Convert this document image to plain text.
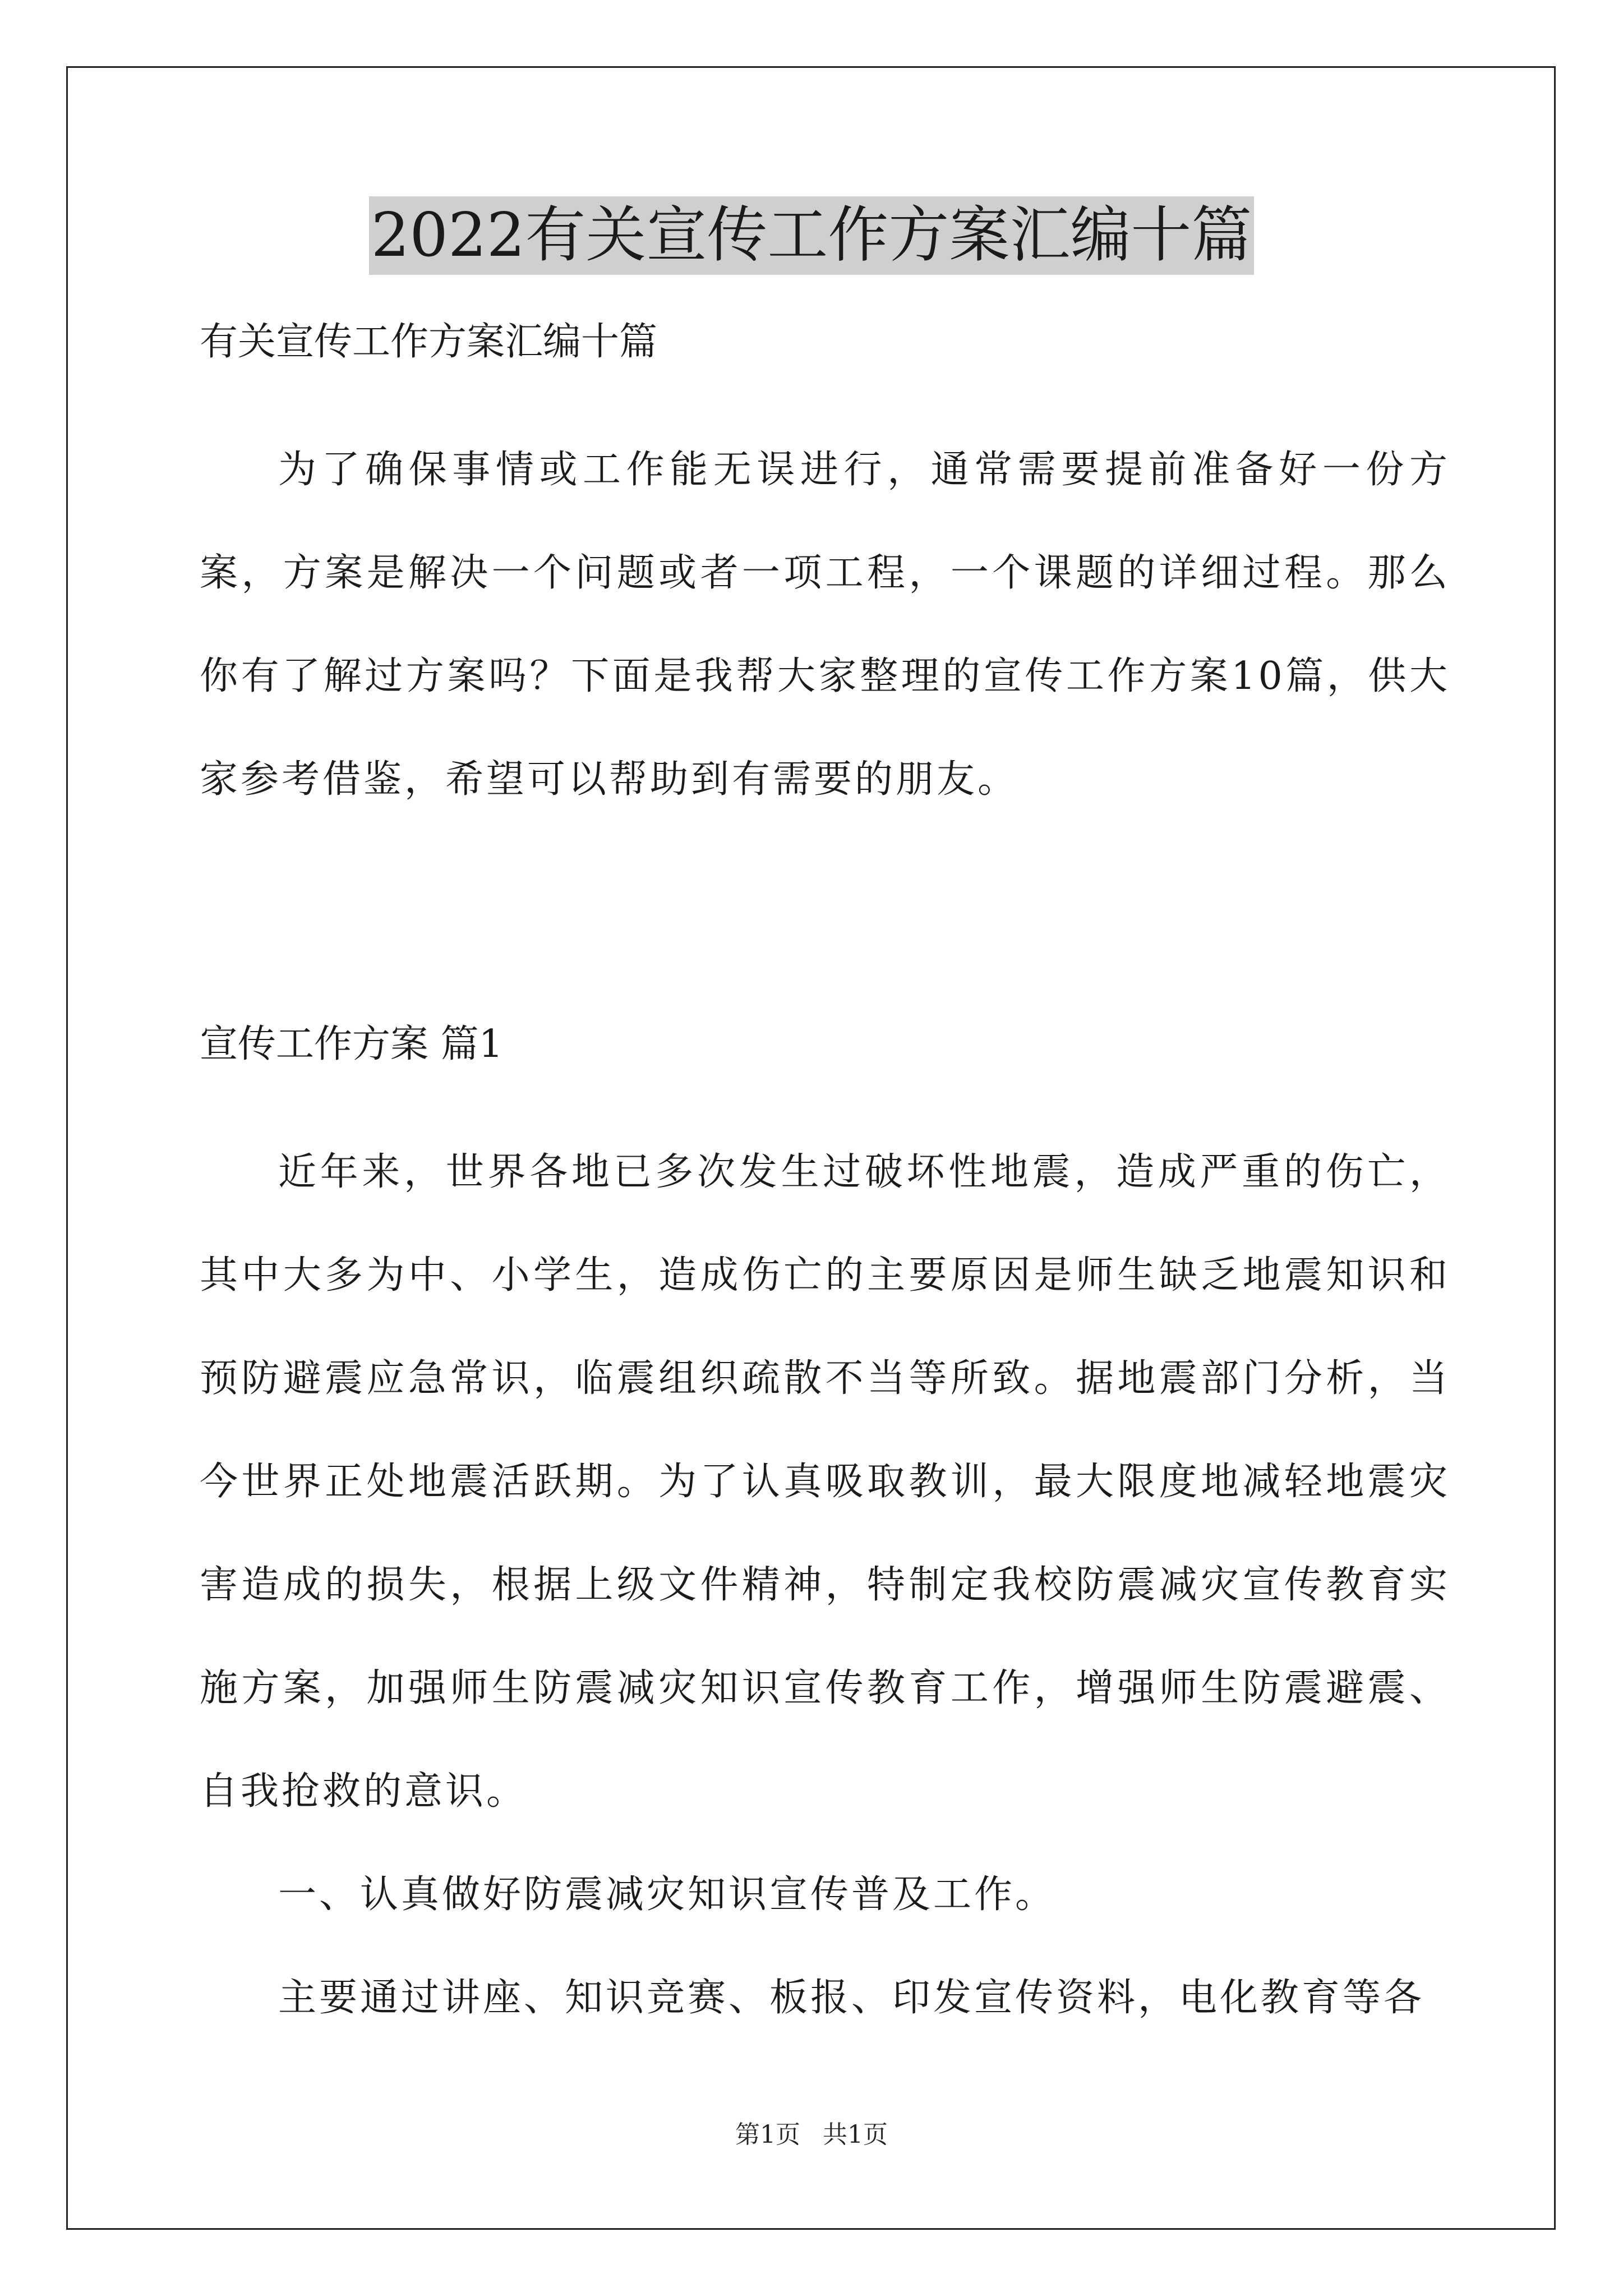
2022有关宣传工作方案汇编十篇
有关宣传工作方案汇编十篇

为了确保事情或工作能无误进行，通常需要提前准备好一份方案，方案是解决一个问题或者一项工程，一个课题的详细过程。那么你有了解过方案吗？下面是我帮大家整理的宣传工作方案10篇，供大家参考借鉴，希望可以帮助到有需要的朋友。

宣传工作方案 篇1

近年来，世界各地已多次发生过破坏性地震，造成严重的伤亡，其中大多为中、小学生，造成伤亡的主要原因是师生缺乏地震知识和预防避震应急常识，临震组织疏散不当等所致。据地震部门分析，当今世界正处地震活跃期。为了认真吸取教训，最大限度地减轻地震灾害造成的损失，根据上级文件精神，特制定我校防震减灾宣传教育实施方案，加强师生防震减灾知识宣传教育工作，增强师生防震避震、自我抢救的意识。

一、认真做好防震减灾知识宣传普及工作。

主要通过讲座、知识竞赛、板报、印发宣传资料，电化教育等各

第1页 共1页
